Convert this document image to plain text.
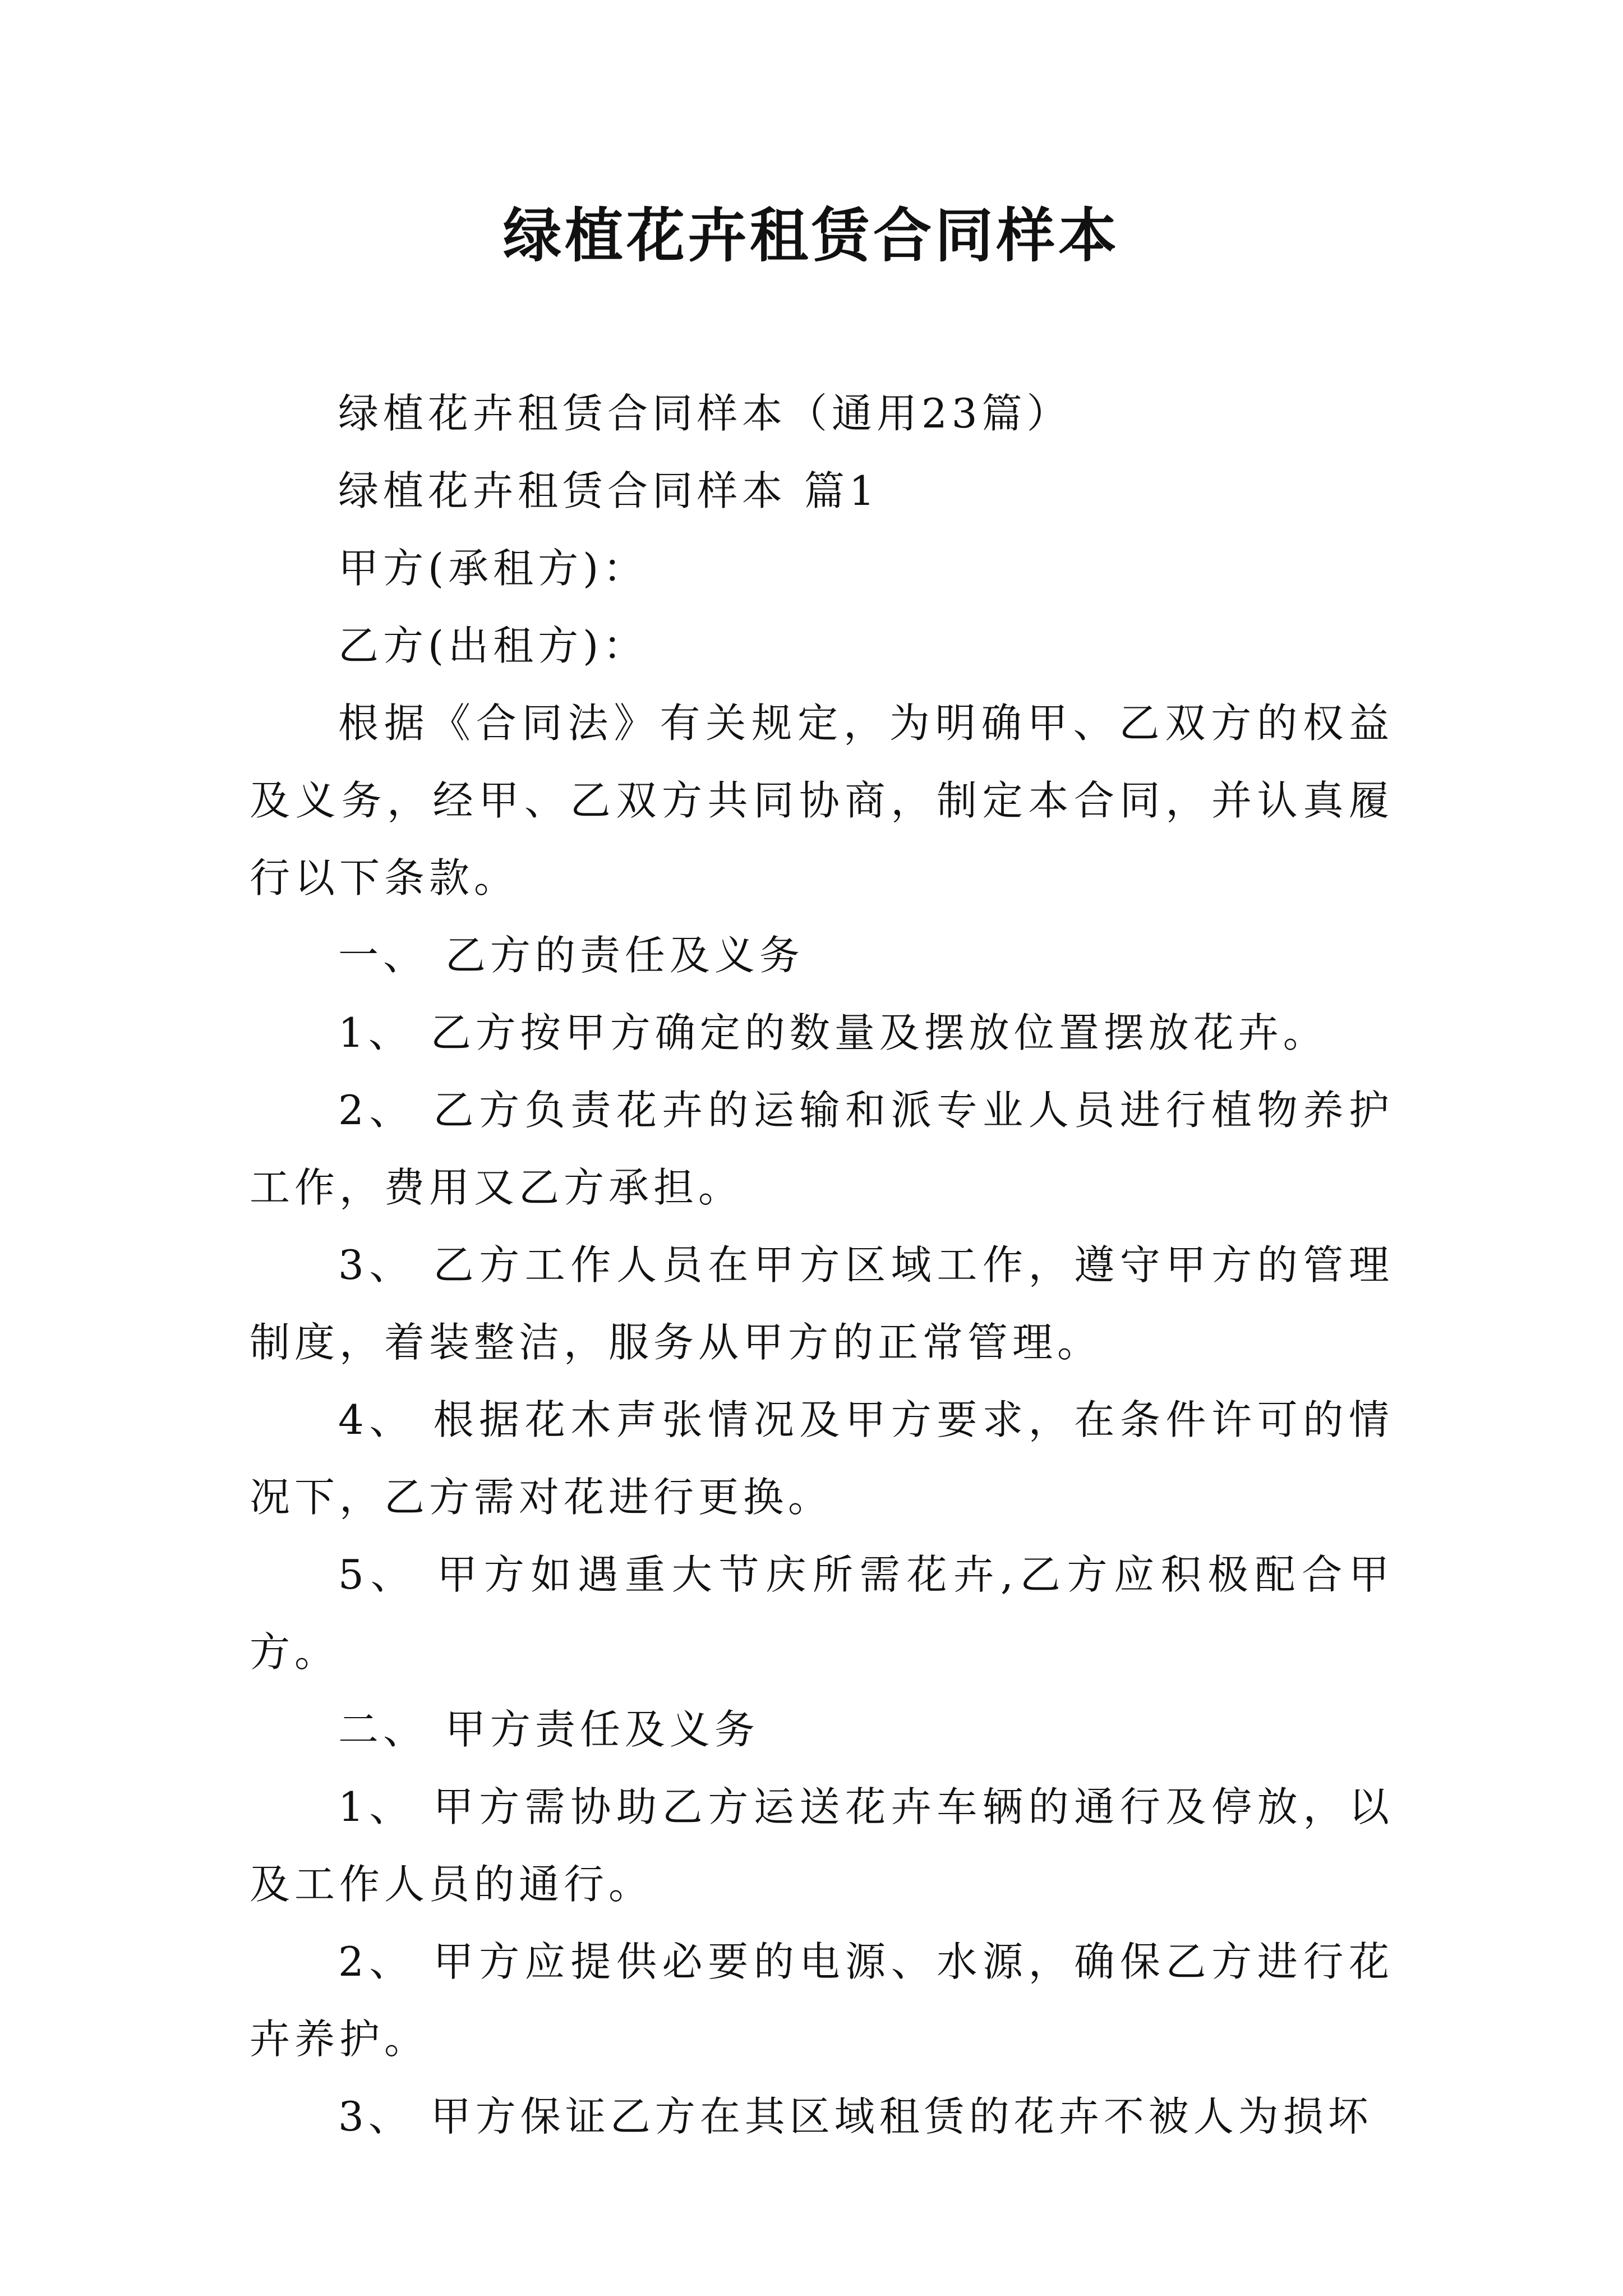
绿植花卉租赁合同样本

绿植花卉租赁合同样本（通用23篇）

绿植花卉租赁合同样本 篇1

甲方(承租方)：

乙方(出租方)：

根据《合同法》有关规定，为明确甲、乙双方的权益及义务，经甲、乙双方共同协商，制定本合同，并认真履行以下条款。

一、 乙方的责任及义务

1、 乙方按甲方确定的数量及摆放位置摆放花卉。

2、 乙方负责花卉的运输和派专业人员进行植物养护工作，费用又乙方承担。

3、 乙方工作人员在甲方区域工作，遵守甲方的管理制度，着装整洁，服务从甲方的正常管理。

4、 根据花木声张情况及甲方要求，在条件许可的情况下，乙方需对花进行更换。

5、 甲方如遇重大节庆所需花卉,乙方应积极配合甲方。

二、 甲方责任及义务

1、 甲方需协助乙方运送花卉车辆的通行及停放，以及工作人员的通行。

2、 甲方应提供必要的电源、水源，确保乙方进行花卉养护。

3、 甲方保证乙方在其区域租赁的花卉不被人为损坏
